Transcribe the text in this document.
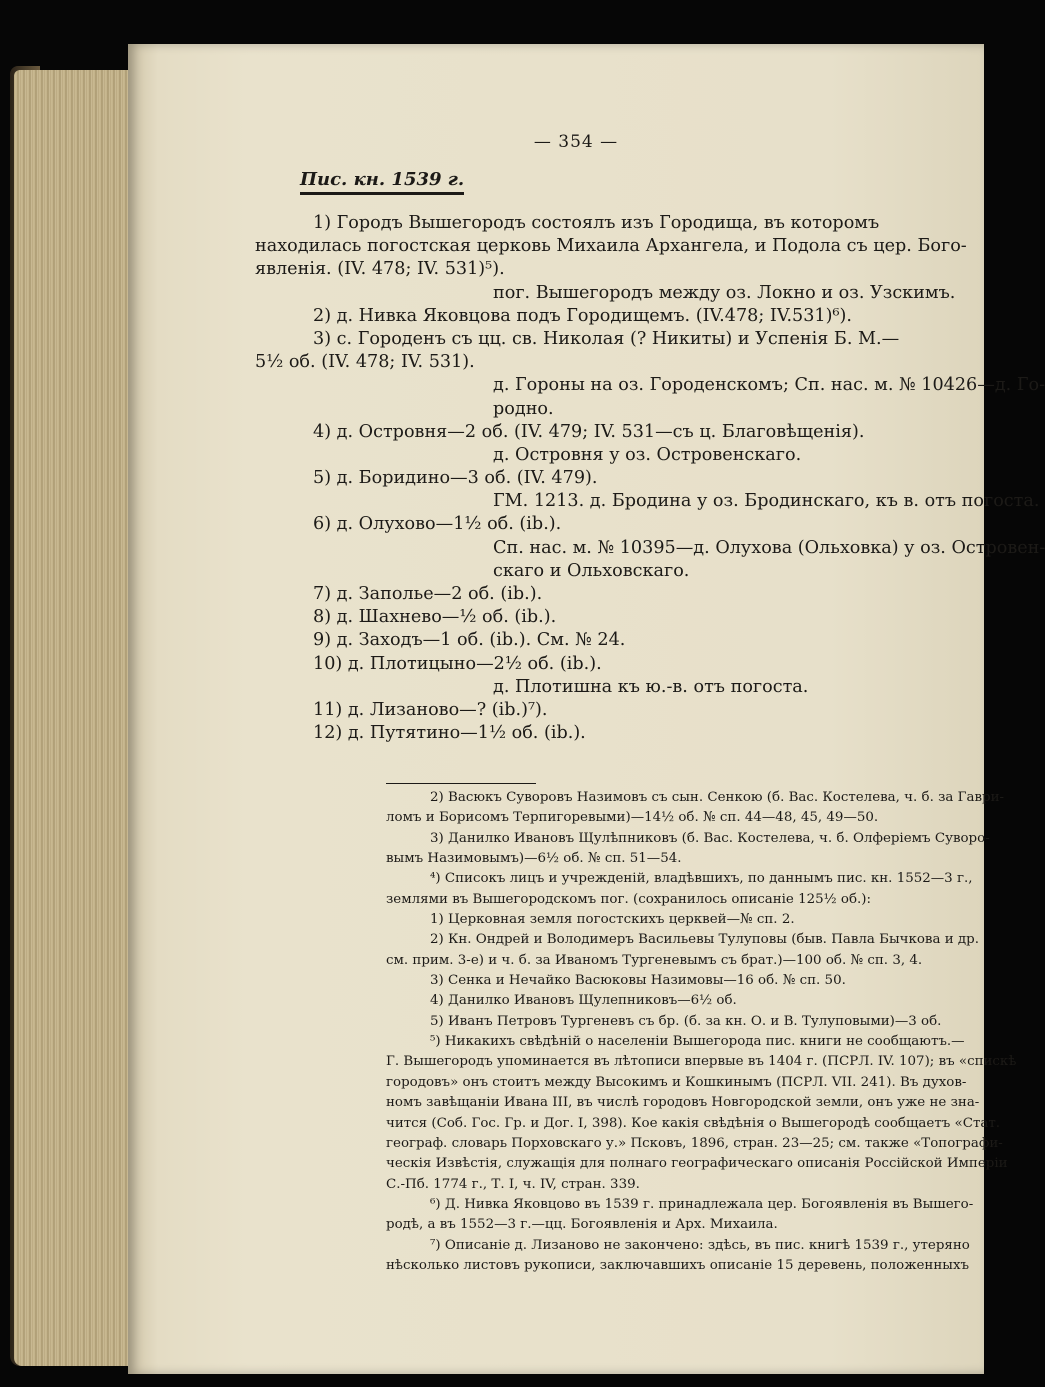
— 354 —
Пис. кн. 1539 г.
1) Городъ Вышегородъ состоялъ изъ Городища, въ которомъ
находилась погостская церковь Михаила Архангела, и Подола съ цер. Бого-
явленія. (IV. 478; IV. 531)⁵).
пог. Вышегородъ между оз. Локно и оз. Узскимъ.
2) д. Нивка Яковцова подъ Городищемъ. (IV.478; IV.531)⁶).
3) с. Городенъ съ цц. св. Николая (? Никиты) и Успенія Б. М.—
5½ об. (IV. 478; IV. 531).
д. Гороны на оз. Городенскомъ; Сп. нас. м. № 10426—д. Го-
родно.
4) д. Островня—2 об. (IV. 479; IV. 531—съ ц. Благовѣщенія).
д. Островня у оз. Островенскаго.
5) д. Боридино—3 об. (IV. 479).
ГМ. 1213. д. Бродина у оз. Бродинскаго, къ в. отъ погоста.
6) д. Олухово—1½ об. (ib.).
Сп. нас. м. № 10395—д. Олухова (Ольховка) у оз. Островен-
скаго и Ольховскаго.
7) д. Заполье—2 об. (ib.).
8) д. Шахнево—½ об. (ib.).
9) д. Заходъ—1 об. (ib.). См. № 24.
10) д. Плотицыно—2½ об. (ib.).
д. Плотишна къ ю.-в. отъ погоста.
11) д. Лизаново—? (ib.)⁷).
12) д. Путятино—1½ об. (ib.).
2) Васюкъ Суворовъ Назимовъ съ сын. Сенкою (б. Вас. Костелева, ч. б. за Гаври-
ломъ и Борисомъ Терпигоревыми)—14½ об. № сп. 44—48, 45, 49—50.
3) Данилко Ивановъ Щулѣпниковъ (б. Вас. Костелева, ч. б. Олферіемъ Суворо-
вымъ Назимовымъ)—6½ об. № сп. 51—54.
⁴) Списокъ лицъ и учрежденій, владѣвшихъ, по даннымъ пис. кн. 1552—3 г.,
землями въ Вышегородскомъ пог. (сохранилось описаніе 125½ об.):
1) Церковная земля погостскихъ церквей—№ сп. 2.
2) Кн. Ондрей и Володимеръ Васильевы Тулуповы (быв. Павла Бычкова и др.
см. прим. 3-е) и ч. б. за Иваномъ Тургеневымъ съ брат.)—100 об. № сп. 3, 4.
3) Сенка и Нечайко Васюковы Назимовы—16 об. № сп. 50.
4) Данилко Ивановъ Щулепниковъ—6½ об.
5) Иванъ Петровъ Тургеневъ съ бр. (б. за кн. О. и В. Тулуповыми)—3 об.
⁵) Никакихъ свѣдѣній о населеніи Вышегорода пис. книги не сообщаютъ.—
Г. Вышегородъ упоминается въ лѣтописи впервые въ 1404 г. (ПСРЛ. IV. 107); въ «спискѣ
городовъ» онъ стоитъ между Высокимъ и Кошкинымъ (ПСРЛ. VII. 241). Въ духов-
номъ завѣщаніи Ивана III, въ числѣ городовъ Новгородской земли, онъ уже не зна-
чится (Соб. Гос. Гр. и Дог. I, 398). Кое какія свѣдѣнія о Вышегородѣ сообщаетъ «Стат.
географ. словарь Порховскаго у.» Псковъ, 1896, стран. 23—25; см. также «Топографи-
ческія Извѣстія, служащія для полнаго географическаго описанія Россійской Имперіи
С.-Пб. 1774 г., Т. I, ч. IV, стран. 339.
⁶) Д. Нивка Яковцово въ 1539 г. принадлежала цер. Богоявленія въ Вышего-
родѣ, а въ 1552—3 г.—цц. Богоявленія и Арх. Михаила.
⁷) Описаніе д. Лизаново не закончено: здѣсь, въ пис. книгѣ 1539 г., утеряно
нѣсколько листовъ рукописи, заключавшихъ описаніе 15 деревень, положенныхъ
